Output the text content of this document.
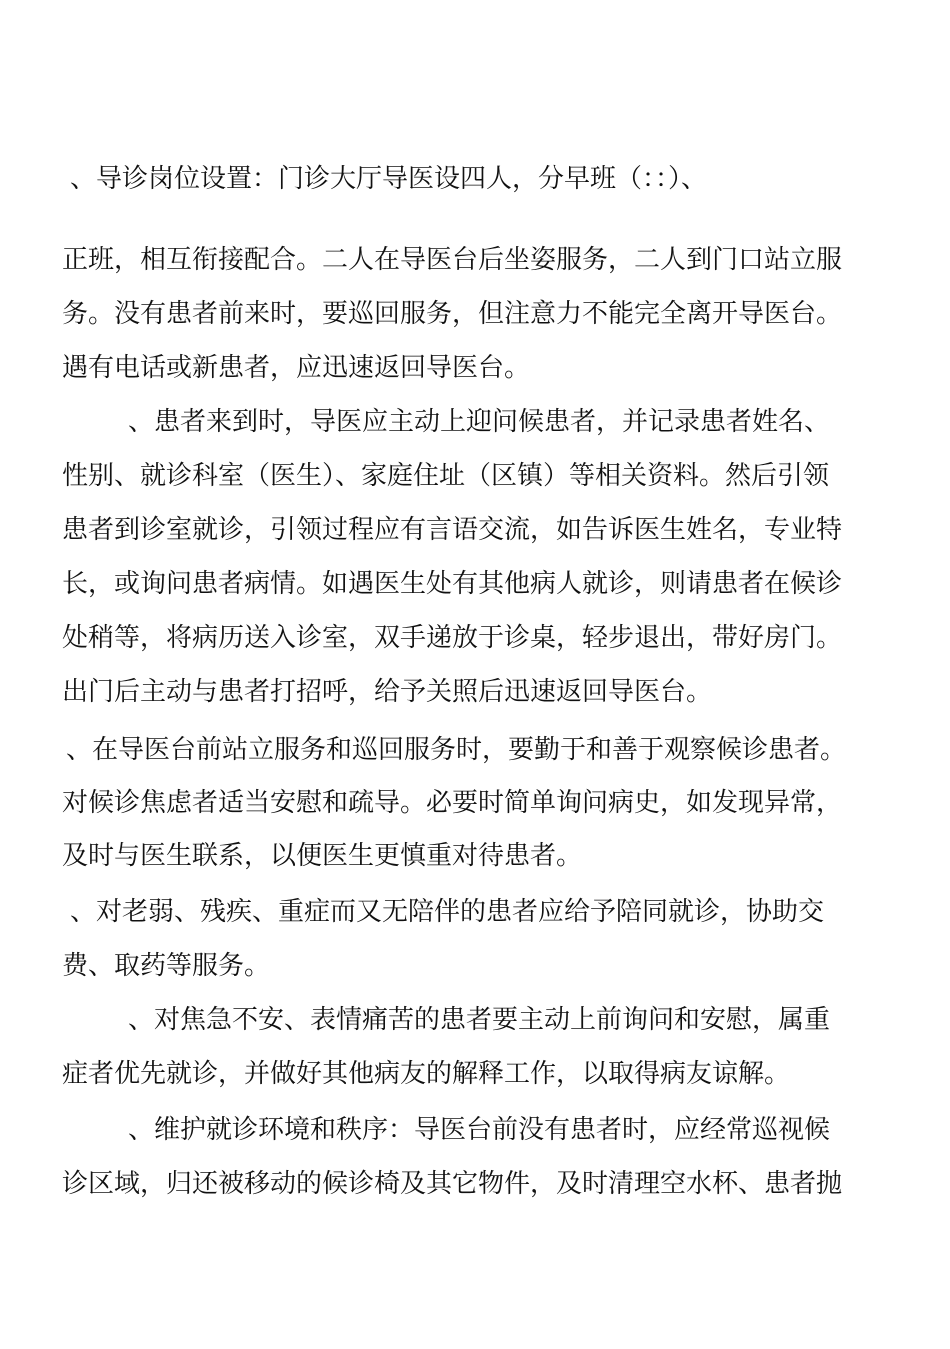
、导诊岗位设置：门诊大厅导医设四人，分早班（：：）、

正班，相互衔接配合。二人在导医台后坐姿服务，二人到门口站立服

务。没有患者前来时，要巡回服务，但注意力不能完全离开导医台。

遇有电话或新患者，应迅速返回导医台。

、患者来到时，导医应主动上迎问候患者，并记录患者姓名、

性别、就诊科室（医生）、家庭住址（区镇）等相关资料。然后引领

患者到诊室就诊，引领过程应有言语交流，如告诉医生姓名，专业特

长，或询问患者病情。如遇医生处有其他病人就诊，则请患者在候诊

处稍等，将病历送入诊室，双手递放于诊桌，轻步退出，带好房门。

出门后主动与患者打招呼，给予关照后迅速返回导医台。

、在导医台前站立服务和巡回服务时，要勤于和善于观察候诊患者。

对候诊焦虑者适当安慰和疏导。必要时简单询问病史，如发现异常，

及时与医生联系，以便医生更慎重对待患者。

、对老弱、残疾、重症而又无陪伴的患者应给予陪同就诊，协助交

费、取药等服务。

、对焦急不安、表情痛苦的患者要主动上前询问和安慰，属重

症者优先就诊，并做好其他病友的解释工作，以取得病友谅解。

、维护就诊环境和秩序：导医台前没有患者时，应经常巡视候

诊区域，归还被移动的候诊椅及其它物件，及时清理空水杯、患者抛
